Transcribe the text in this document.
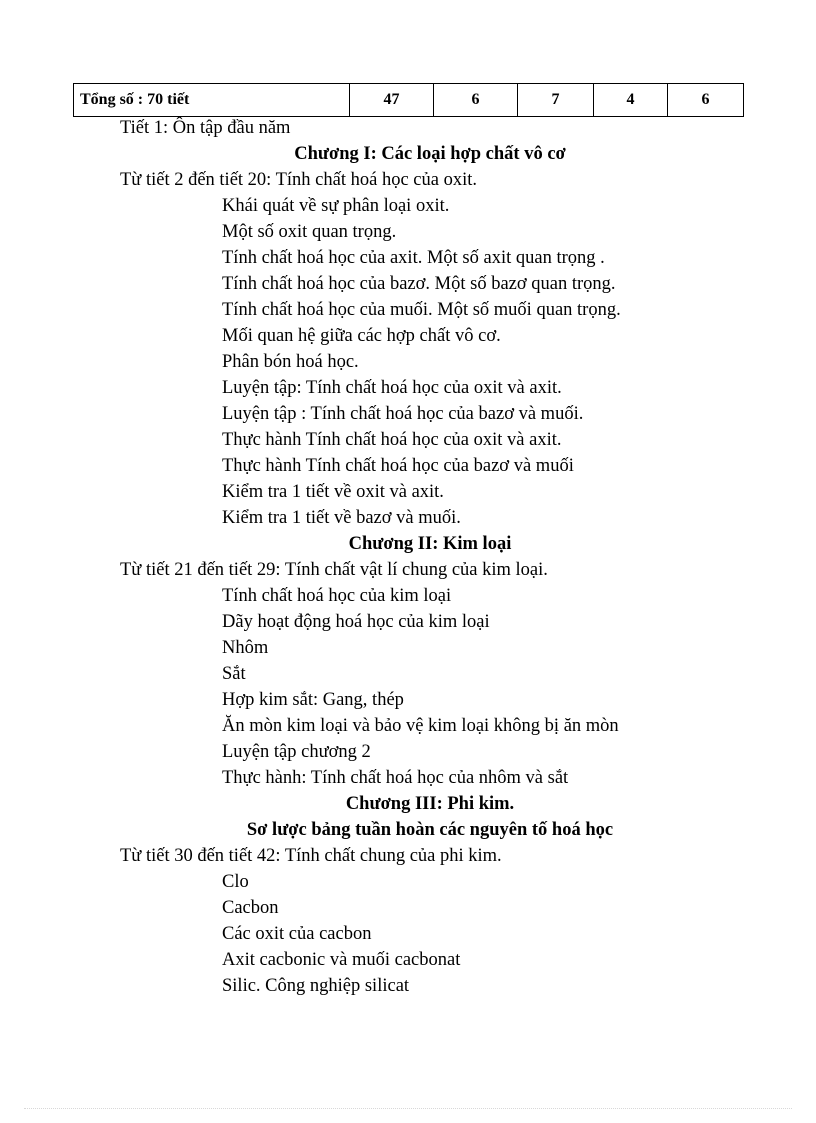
Tổng số : 70 tiết	47	6	7	4	6
Tiết 1: Ôn tập đầu năm
Chương I: Các loại hợp chất vô cơ
Từ tiết 2 đến tiết 20: Tính chất hoá học của oxit.
Khái quát về sự phân loại oxit.
Một số oxit quan trọng.
Tính chất hoá học của axit. Một số axit quan trọng .
Tính chất hoá học của bazơ. Một số bazơ quan trọng.
Tính chất hoá học của muối. Một số muối quan trọng.
Mối quan hệ giữa các hợp chất vô cơ.
Phân bón hoá học.
Luyện tập: Tính chất hoá học của oxit và axit.
Luyện tập : Tính chất hoá học của bazơ và muối.
Thực hành Tính chất hoá học của oxit và axit.
Thực hành Tính chất hoá học của bazơ và muối
Kiểm tra 1 tiết về oxit và axit.
Kiểm tra 1 tiết về bazơ và muối.
Chương II: Kim loại
Từ tiết 21 đến tiết 29: Tính chất vật lí chung của kim loại.
Tính chất hoá học của kim loại
Dãy hoạt động hoá học của kim loại
Nhôm
Sắt
Hợp kim sắt: Gang, thép
Ăn mòn kim loại và bảo vệ kim loại không bị ăn mòn
Luyện tập chương 2
Thực hành: Tính chất hoá học của nhôm và sắt
Chương III: Phi kim.
Sơ lược bảng tuần hoàn các nguyên tố hoá học
Từ tiết 30 đến tiết 42: Tính chất chung của phi kim.
Clo
Cacbon
Các oxit của cacbon
Axit cacbonic và muối cacbonat
Silic. Công nghiệp silicat
